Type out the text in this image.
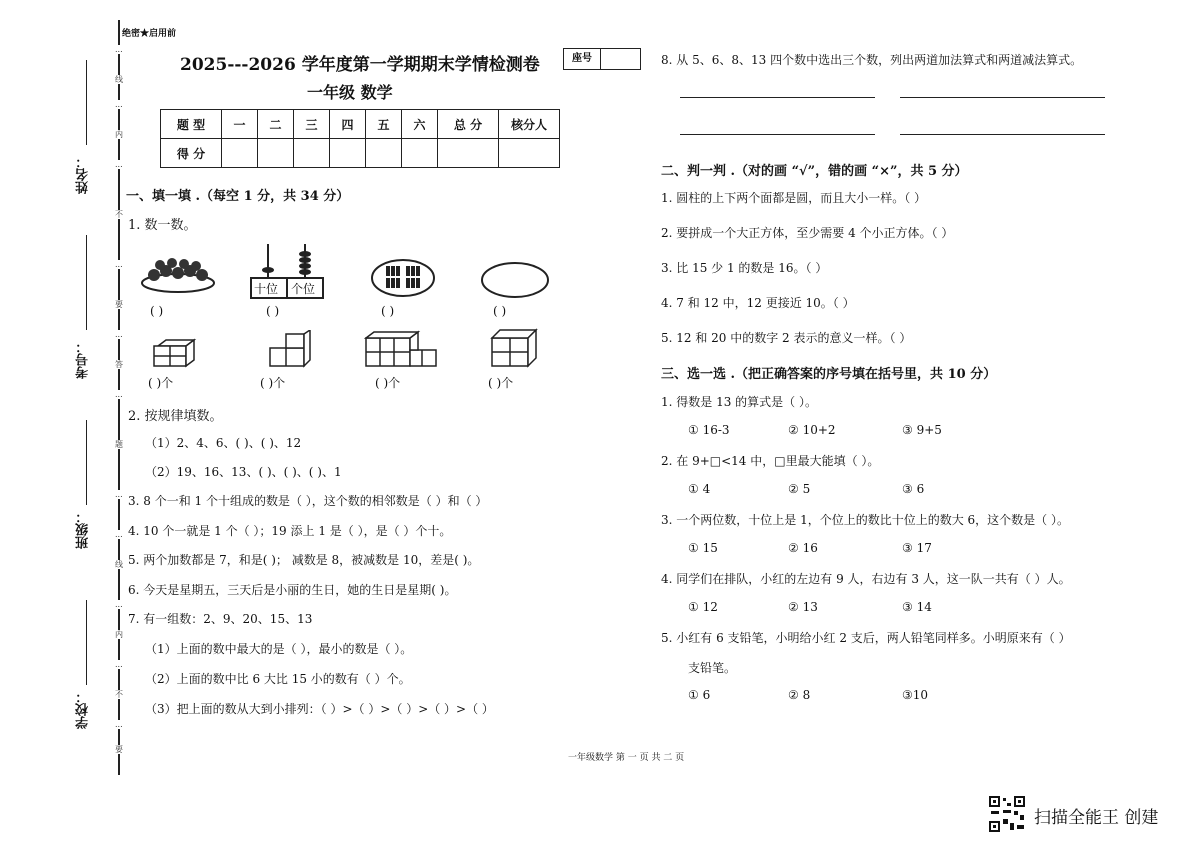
姓名：
考号：
班级：
学校：
...
线
...
内
...
不
...
要
...
答
...
题
...
...
线
...
内
...
不
...
要
绝密★启用前
2025---2026 学年度第一学期期末学情检测卷	座号
一年级 数学
题 型	一	二	三	四	五	六	总 分	核分人
得 分								
一、填一填 .（每空 1 分，共 34 分）
1. 数一数。
十位 个位
( )	( )	( )	( )
( )个	( )个	( )个	( )个
2. 按规律填数。
（1）2、4、6、( )、( )、12
（2）19、16、13、( )、( )、( )、1
3. 8 个一和 1 个十组成的数是（ ），这个数的相邻数是（ ）和（ ）
4. 10 个一就是 1 个（ ）；19 添上 1 是（ ），是（ ）个十。
5. 两个加数都是 7，和是( )； 减数是 8，被减数是 10，差是( )。
6. 今天是星期五，三天后是小丽的生日，她的生日是星期( )。
7. 有一组数：2、9、20、15、13
（1）上面的数中最大的是（ ），最小的数是（ ）。
（2）上面的数中比 6 大比 15 小的数有（ ）个。
（3）把上面的数从大到小排列：（ ）>（ ）>（ ）>（ ）>（ ）
8. 从 5、6、8、13 四个数中选出三个数，列出两道加法算式和两道减法算式。
二、判一判 .（对的画 “√”，错的画 “×”，共 5 分）
1. 圆柱的上下两个面都是圆，而且大小一样。（ ）
2. 要拼成一个大正方体，至少需要 4 个小正方体。（ ）
3. 比 15 少 1 的数是 16。（ ）
4. 7 和 12 中，12 更接近 10。（ ）
5. 12 和 20 中的数字 2 表示的意义一样。（ ）
三、选一选 .（把正确答案的序号填在括号里，共 10 分）
1. 得数是 13 的算式是（ ）。
① 16-3	② 10+2	③ 9+5
2. 在 9+□<14 中，□里最大能填（ ）。
① 4	② 5	③ 6
3. 一个两位数，十位上是 1，个位上的数比十位上的数大 6，这个数是（ ）。
① 15	② 16	③ 17
4. 同学们在排队，小红的左边有 9 人，右边有 3 人，这一队一共有（ ）人。
① 12	② 13	③ 14
5. 小红有 6 支铅笔，小明给小红 2 支后，两人铅笔同样多。小明原来有（ ）
支铅笔。
① 6	② 8	③10
一年级数学 第 一 页 共 二 页
扫描全能王 创建
